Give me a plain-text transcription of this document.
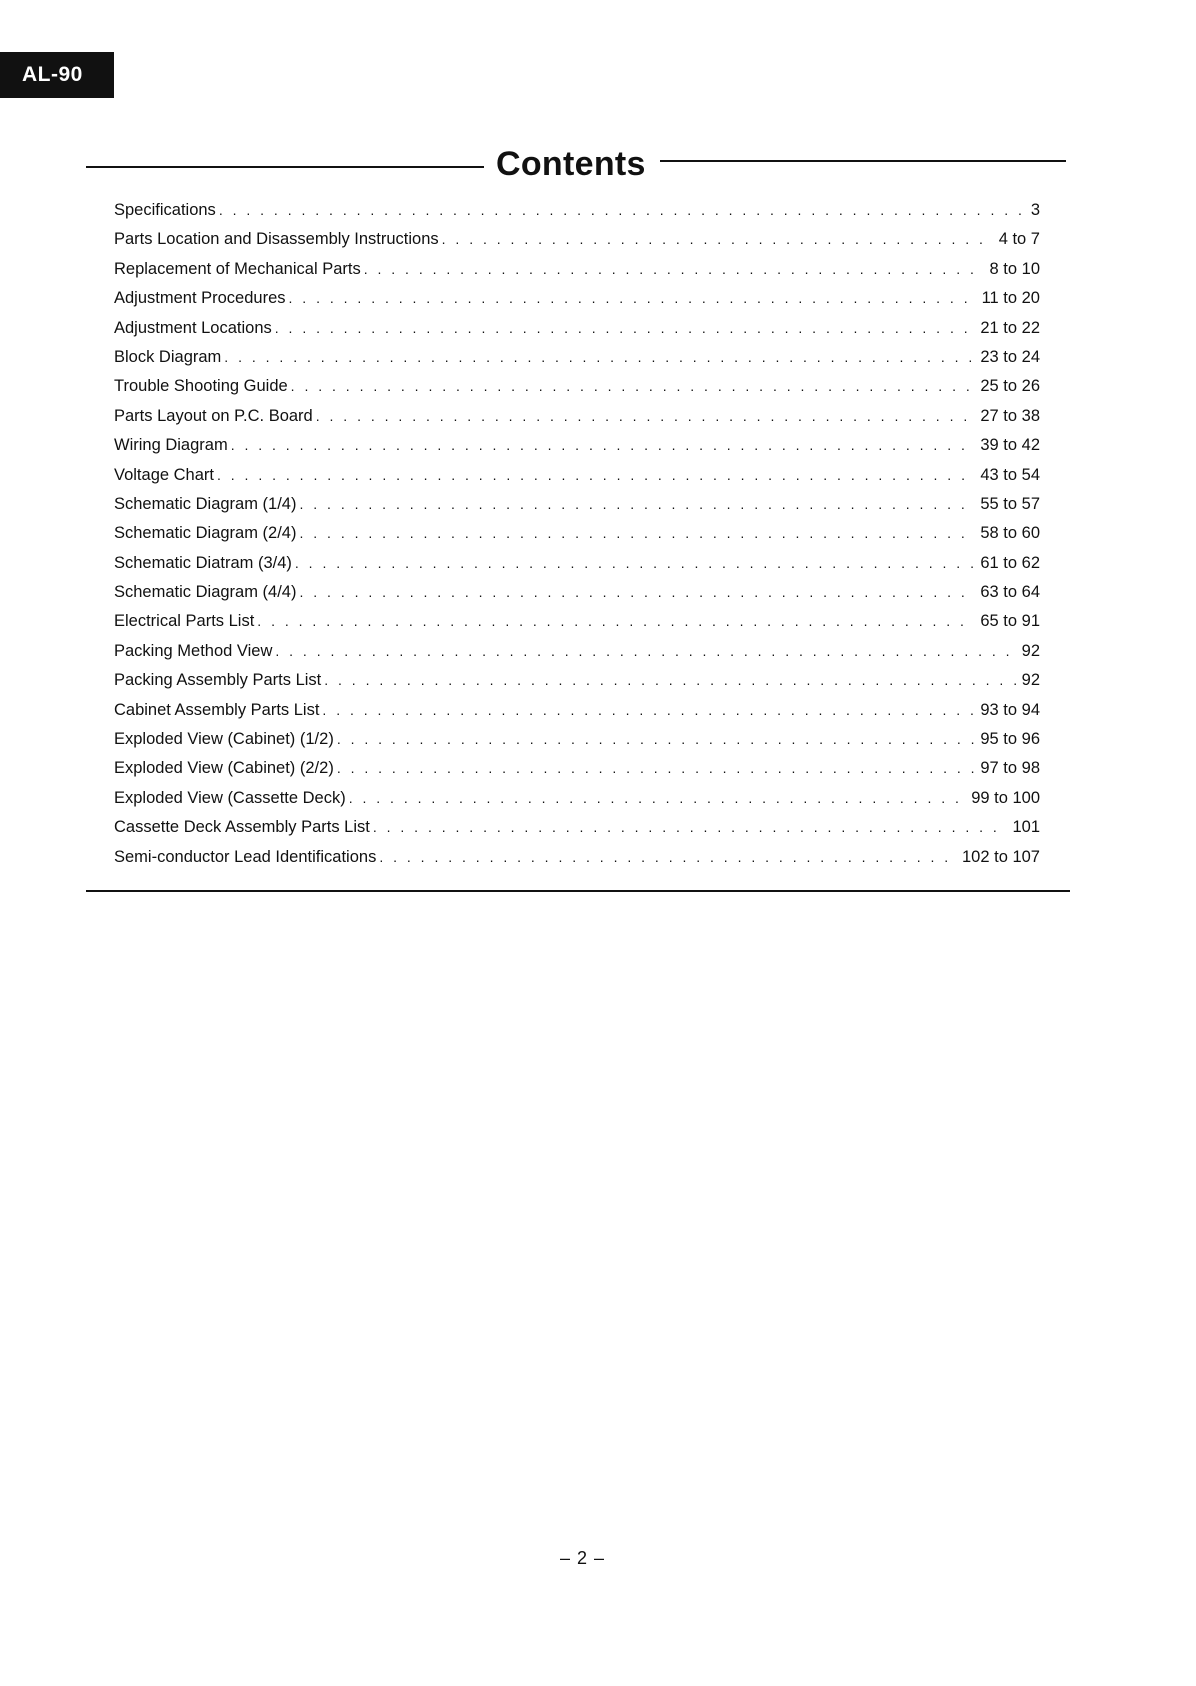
AL-90
Contents
Specifications . . .	3
Parts Location and Disassembly Instructions . . .	4 to 7
Replacement of Mechanical Parts . . .	8 to 10
Adjustment Procedures . . .	11 to 20
Adjustment Locations . . .	21 to 22
Block Diagram . . .	23 to 24
Trouble Shooting Guide . . .	25 to 26
Parts Layout on P.C. Board . . .	27 to 38
Wiring Diagram . . .	39 to 42
Voltage Chart . . .	43 to 54
Schematic Diagram (1/4) . . .	55 to 57
Schematic Diagram (2/4) . . .	58 to 60
Schematic Diatram (3/4) . . .	61 to 62
Schematic Diagram (4/4) . . .	63 to 64
Electrical Parts List . . .	65 to 91
Packing Method View . . .	92
Packing Assembly Parts List . . .	92
Cabinet Assembly Parts List . . .	93 to 94
Exploded View (Cabinet) (1/2) . . .	95 to 96
Exploded View (Cabinet) (2/2) . . .	97 to 98
Exploded View (Cassette Deck) . . .	99 to 100
Cassette Deck Assembly Parts List . . .	101
Semi-conductor Lead Identifications . . .	102 to 107
– 2 –
